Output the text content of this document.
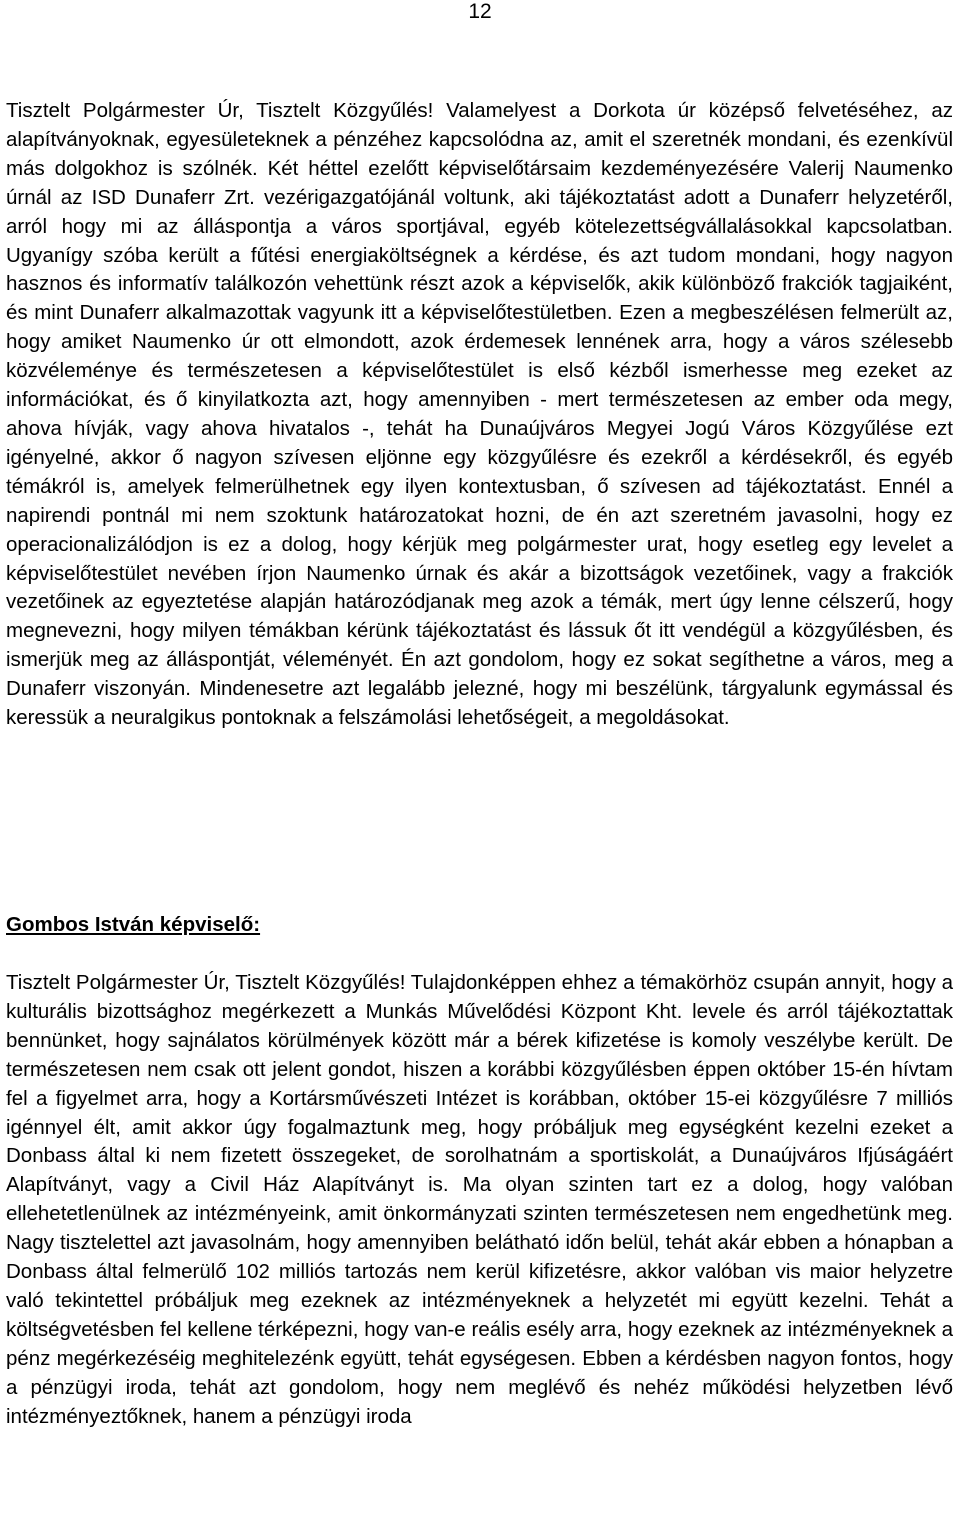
12

Tisztelt Polgármester Úr, Tisztelt Közgyűlés! Valamelyest a Dorkota úr középső felvetéséhez, az alapítványoknak, egyesületeknek a pénzéhez kapcsolódna az, amit el szeretnék mondani, és ezenkívül más dolgokhoz is szólnék. Két héttel ezelőtt képviselőtársaim kezdeményezésére Valerij Naumenko úrnál az ISD Dunaferr Zrt. vezérigazgatójánál voltunk, aki tájékoztatást adott a Dunaferr helyzetéről, arról hogy mi az álláspontja a város sportjával, egyéb kötelezettségvállalásokkal kapcsolatban. Ugyanígy szóba került a fűtési energiaköltségnek a kérdése, és azt tudom mondani, hogy nagyon hasznos és informatív találkozón vehettünk részt azok a képviselők, akik különböző frakciók tagjaiként, és mint Dunaferr alkalmazottak vagyunk itt a képviselőtestületben. Ezen a megbeszélésen felmerült az, hogy amiket Naumenko úr ott elmondott, azok érdemesek lennének arra, hogy a város szélesebb közvéleménye és természetesen a képviselőtestület is első kézből ismerhesse meg ezeket az információkat, és ő kinyilatkozta azt, hogy amennyiben - mert természetesen az ember oda megy, ahova hívják, vagy ahova hivatalos -, tehát ha Dunaújváros Megyei Jogú Város Közgyűlése ezt igényelné, akkor ő nagyon szívesen eljönne egy közgyűlésre és ezekről a kérdésekről, és egyéb témákról is, amelyek felmerülhetnek egy ilyen kontextusban, ő szívesen ad tájékoztatást. Ennél a napirendi pontnál mi nem szoktunk határozatokat hozni, de én azt szeretném javasolni, hogy ez operacionalizálódjon is ez a dolog, hogy kérjük meg polgármester urat, hogy esetleg egy levelet a képviselőtestület nevében írjon Naumenko úrnak és akár a bizottságok vezetőinek, vagy a frakciók vezetőinek az egyeztetése alapján határozódjanak meg azok a témák, mert úgy lenne célszerű, hogy megnevezni, hogy milyen témákban kérünk tájékoztatást és lássuk őt itt vendégül a közgyűlésben, és ismerjük meg az álláspontját, véleményét. Én azt gondolom, hogy ez sokat segíthetne a város, meg a Dunaferr viszonyán. Mindenesetre azt legalább jelezné, hogy mi beszélünk, tárgyalunk egymással és keressük a neuralgikus pontoknak a felszámolási lehetőségeit, a megoldásokat.

Gombos István képviselő:

Tisztelt Polgármester Úr, Tisztelt Közgyűlés! Tulajdonképpen ehhez a témakörhöz csupán annyit, hogy a kulturális bizottsághoz megérkezett a Munkás Művelődési Központ Kht. levele és arról tájékoztattak bennünket, hogy sajnálatos körülmények között már a bérek kifizetése is komoly veszélybe került. De természetesen nem csak ott jelent gondot, hiszen a korábbi közgyűlésben éppen október 15-én hívtam fel a figyelmet arra, hogy a Kortársművészeti Intézet is korábban, október 15-ei közgyűlésre 7 milliós igénnyel élt, amit akkor úgy fogalmaztunk meg, hogy próbáljuk meg egységként kezelni ezeket a Donbass által ki nem fizetett összegeket, de sorolhatnám a sportiskolát, a Dunaújváros Ifjúságáért Alapítványt, vagy a Civil Ház Alapítványt is. Ma olyan szinten tart ez a dolog, hogy valóban ellehetetlenülnek az intézményeink, amit önkormányzati szinten természetesen nem engedhetünk meg. Nagy tisztelettel azt javasolnám, hogy amennyiben belátható időn belül, tehát akár ebben a hónapban a Donbass által felmerülő 102 milliós tartozás nem kerül kifizetésre, akkor valóban vis maior helyzetre való tekintettel próbáljuk meg ezeknek az intézményeknek a helyzetét mi együtt kezelni. Tehát a költségvetésben fel kellene térképezni, hogy van-e reális esély arra, hogy ezeknek az intézményeknek a pénz megérkezéséig meghitelezénk együtt, tehát egységesen. Ebben a kérdésben nagyon fontos, hogy a pénzügyi iroda, tehát azt gondolom, hogy nem meglévő és nehéz működési helyzetben lévő intézményeztőknek, hanem a pénzügyi iroda
